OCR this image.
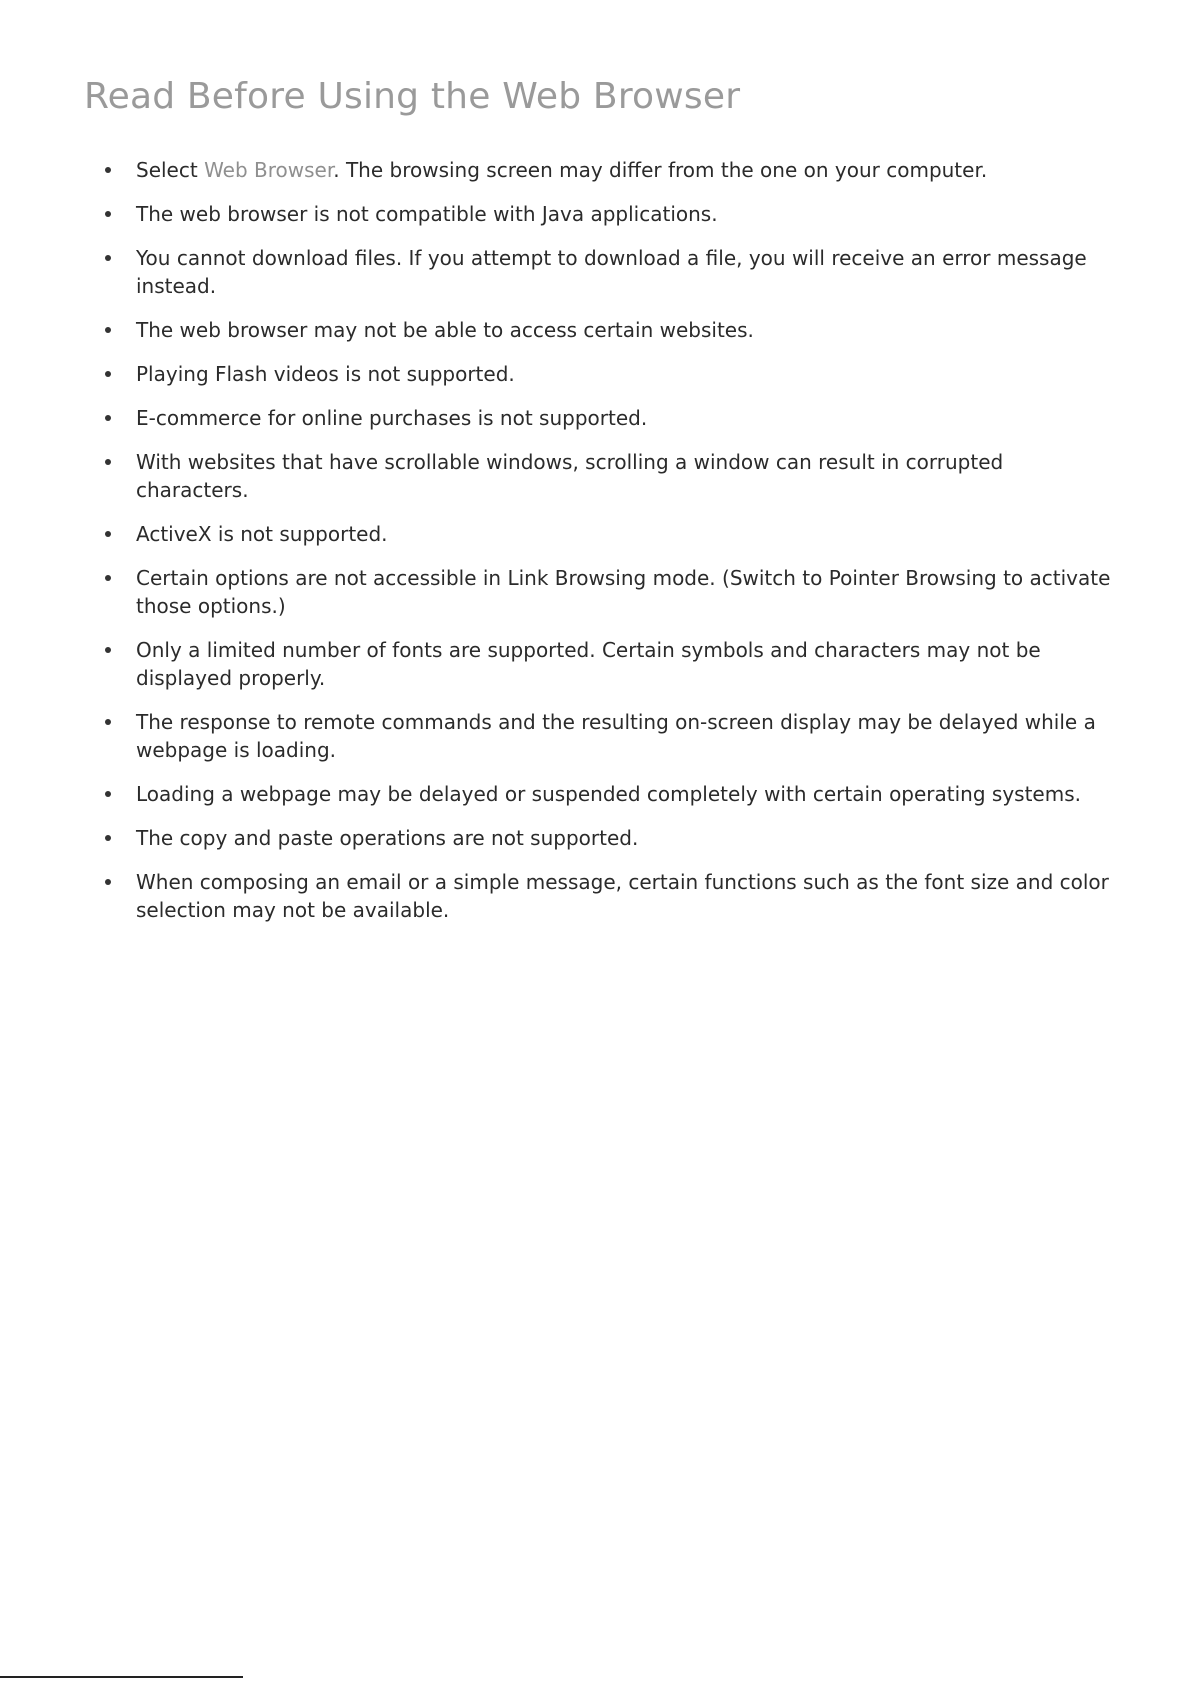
Read Before Using the Web Browser
Select Web Browser. The browsing screen may differ from the one on your computer.
The web browser is not compatible with Java applications.
You cannot download files. If you attempt to download a file, you will receive an error message instead.
The web browser may not be able to access certain websites.
Playing Flash videos is not supported.
E-commerce for online purchases is not supported.
With websites that have scrollable windows, scrolling a window can result in corrupted characters.
ActiveX is not supported.
Certain options are not accessible in Link Browsing mode. (Switch to Pointer Browsing to activate those options.)
Only a limited number of fonts are supported. Certain symbols and characters may not be displayed properly.
The response to remote commands and the resulting on-screen display may be delayed while a webpage is loading.
Loading a webpage may be delayed or suspended completely with certain operating systems.
The copy and paste operations are not supported.
When composing an email or a simple message, certain functions such as the font size and color selection may not be available.
